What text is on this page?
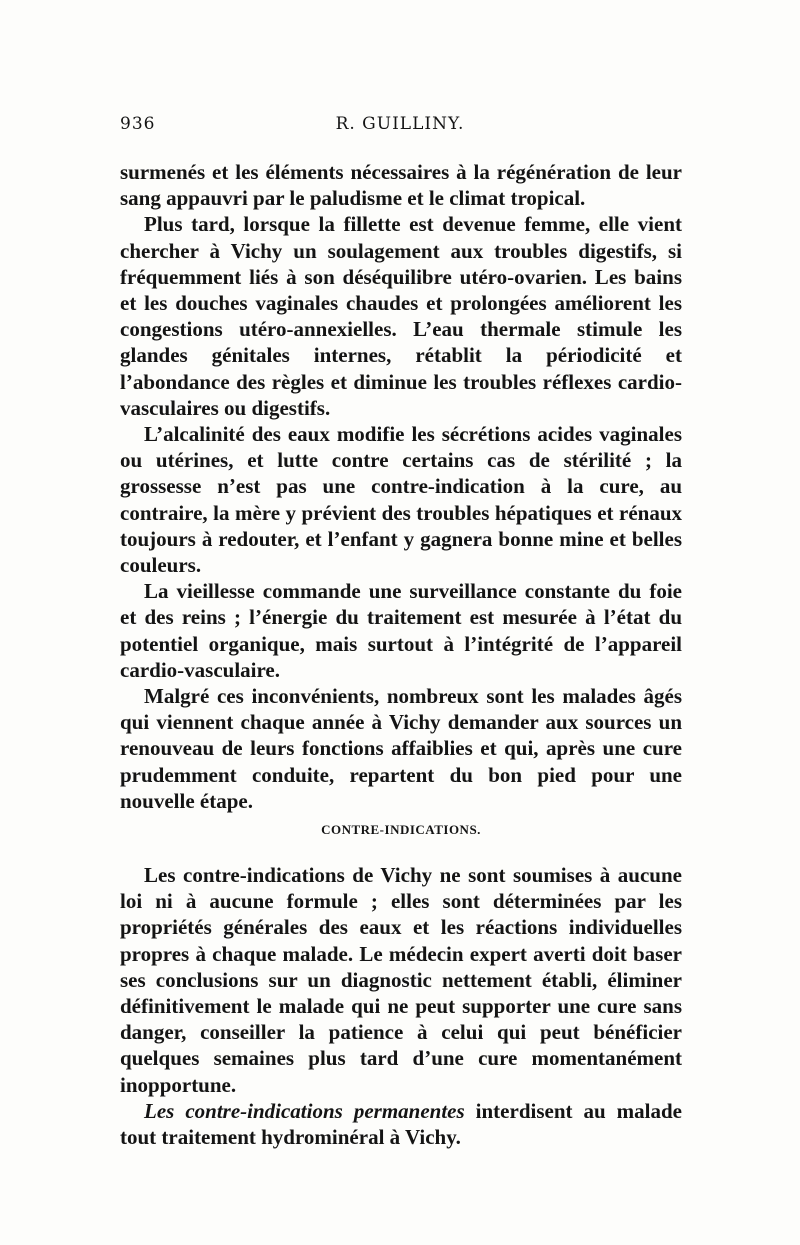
936	R. GUILLINY.

surmenés et les éléments nécessaires à la régénération de leur sang appauvri par le paludisme et le climat tropical.

Plus tard, lorsque la fillette est devenue femme, elle vient chercher à Vichy un soulagement aux troubles digestifs, si fréquemment liés à son déséquilibre utéro-ovarien. Les bains et les douches vaginales chaudes et prolongées améliorent les congestions utéro-annexielles. L’eau thermale stimule les glandes génitales internes, rétablit la périodicité et l’abondance des règles et diminue les troubles réflexes cardio-vasculaires ou digestifs.

L’alcalinité des eaux modifie les sécrétions acides vaginales ou utérines, et lutte contre certains cas de stérilité ; la grossesse n’est pas une contre-indication à la cure, au contraire, la mère y prévient des troubles hépatiques et rénaux toujours à redouter, et l’enfant y gagnera bonne mine et belles couleurs.

La vieillesse commande une surveillance constante du foie et des reins ; l’énergie du traitement est mesurée à l’état du potentiel organique, mais surtout à l’intégrité de l’appareil cardio-vasculaire.

Malgré ces inconvénients, nombreux sont les malades âgés qui viennent chaque année à Vichy demander aux sources un renouveau de leurs fonctions affaiblies et qui, après une cure prudemment conduite, repartent du bon pied pour une nouvelle étape.

CONTRE-INDICATIONS.

Les contre-indications de Vichy ne sont soumises à aucune loi ni à aucune formule ; elles sont déterminées par les propriétés générales des eaux et les réactions individuelles propres à chaque malade. Le médecin expert averti doit baser ses conclusions sur un diagnostic nettement établi, éliminer définitivement le malade qui ne peut supporter une cure sans danger, conseiller la patience à celui qui peut bénéficier quelques semaines plus tard d’une cure momentanément inopportune.

Les contre-indications permanentes interdisent au malade tout traitement hydrominéral à Vichy.
